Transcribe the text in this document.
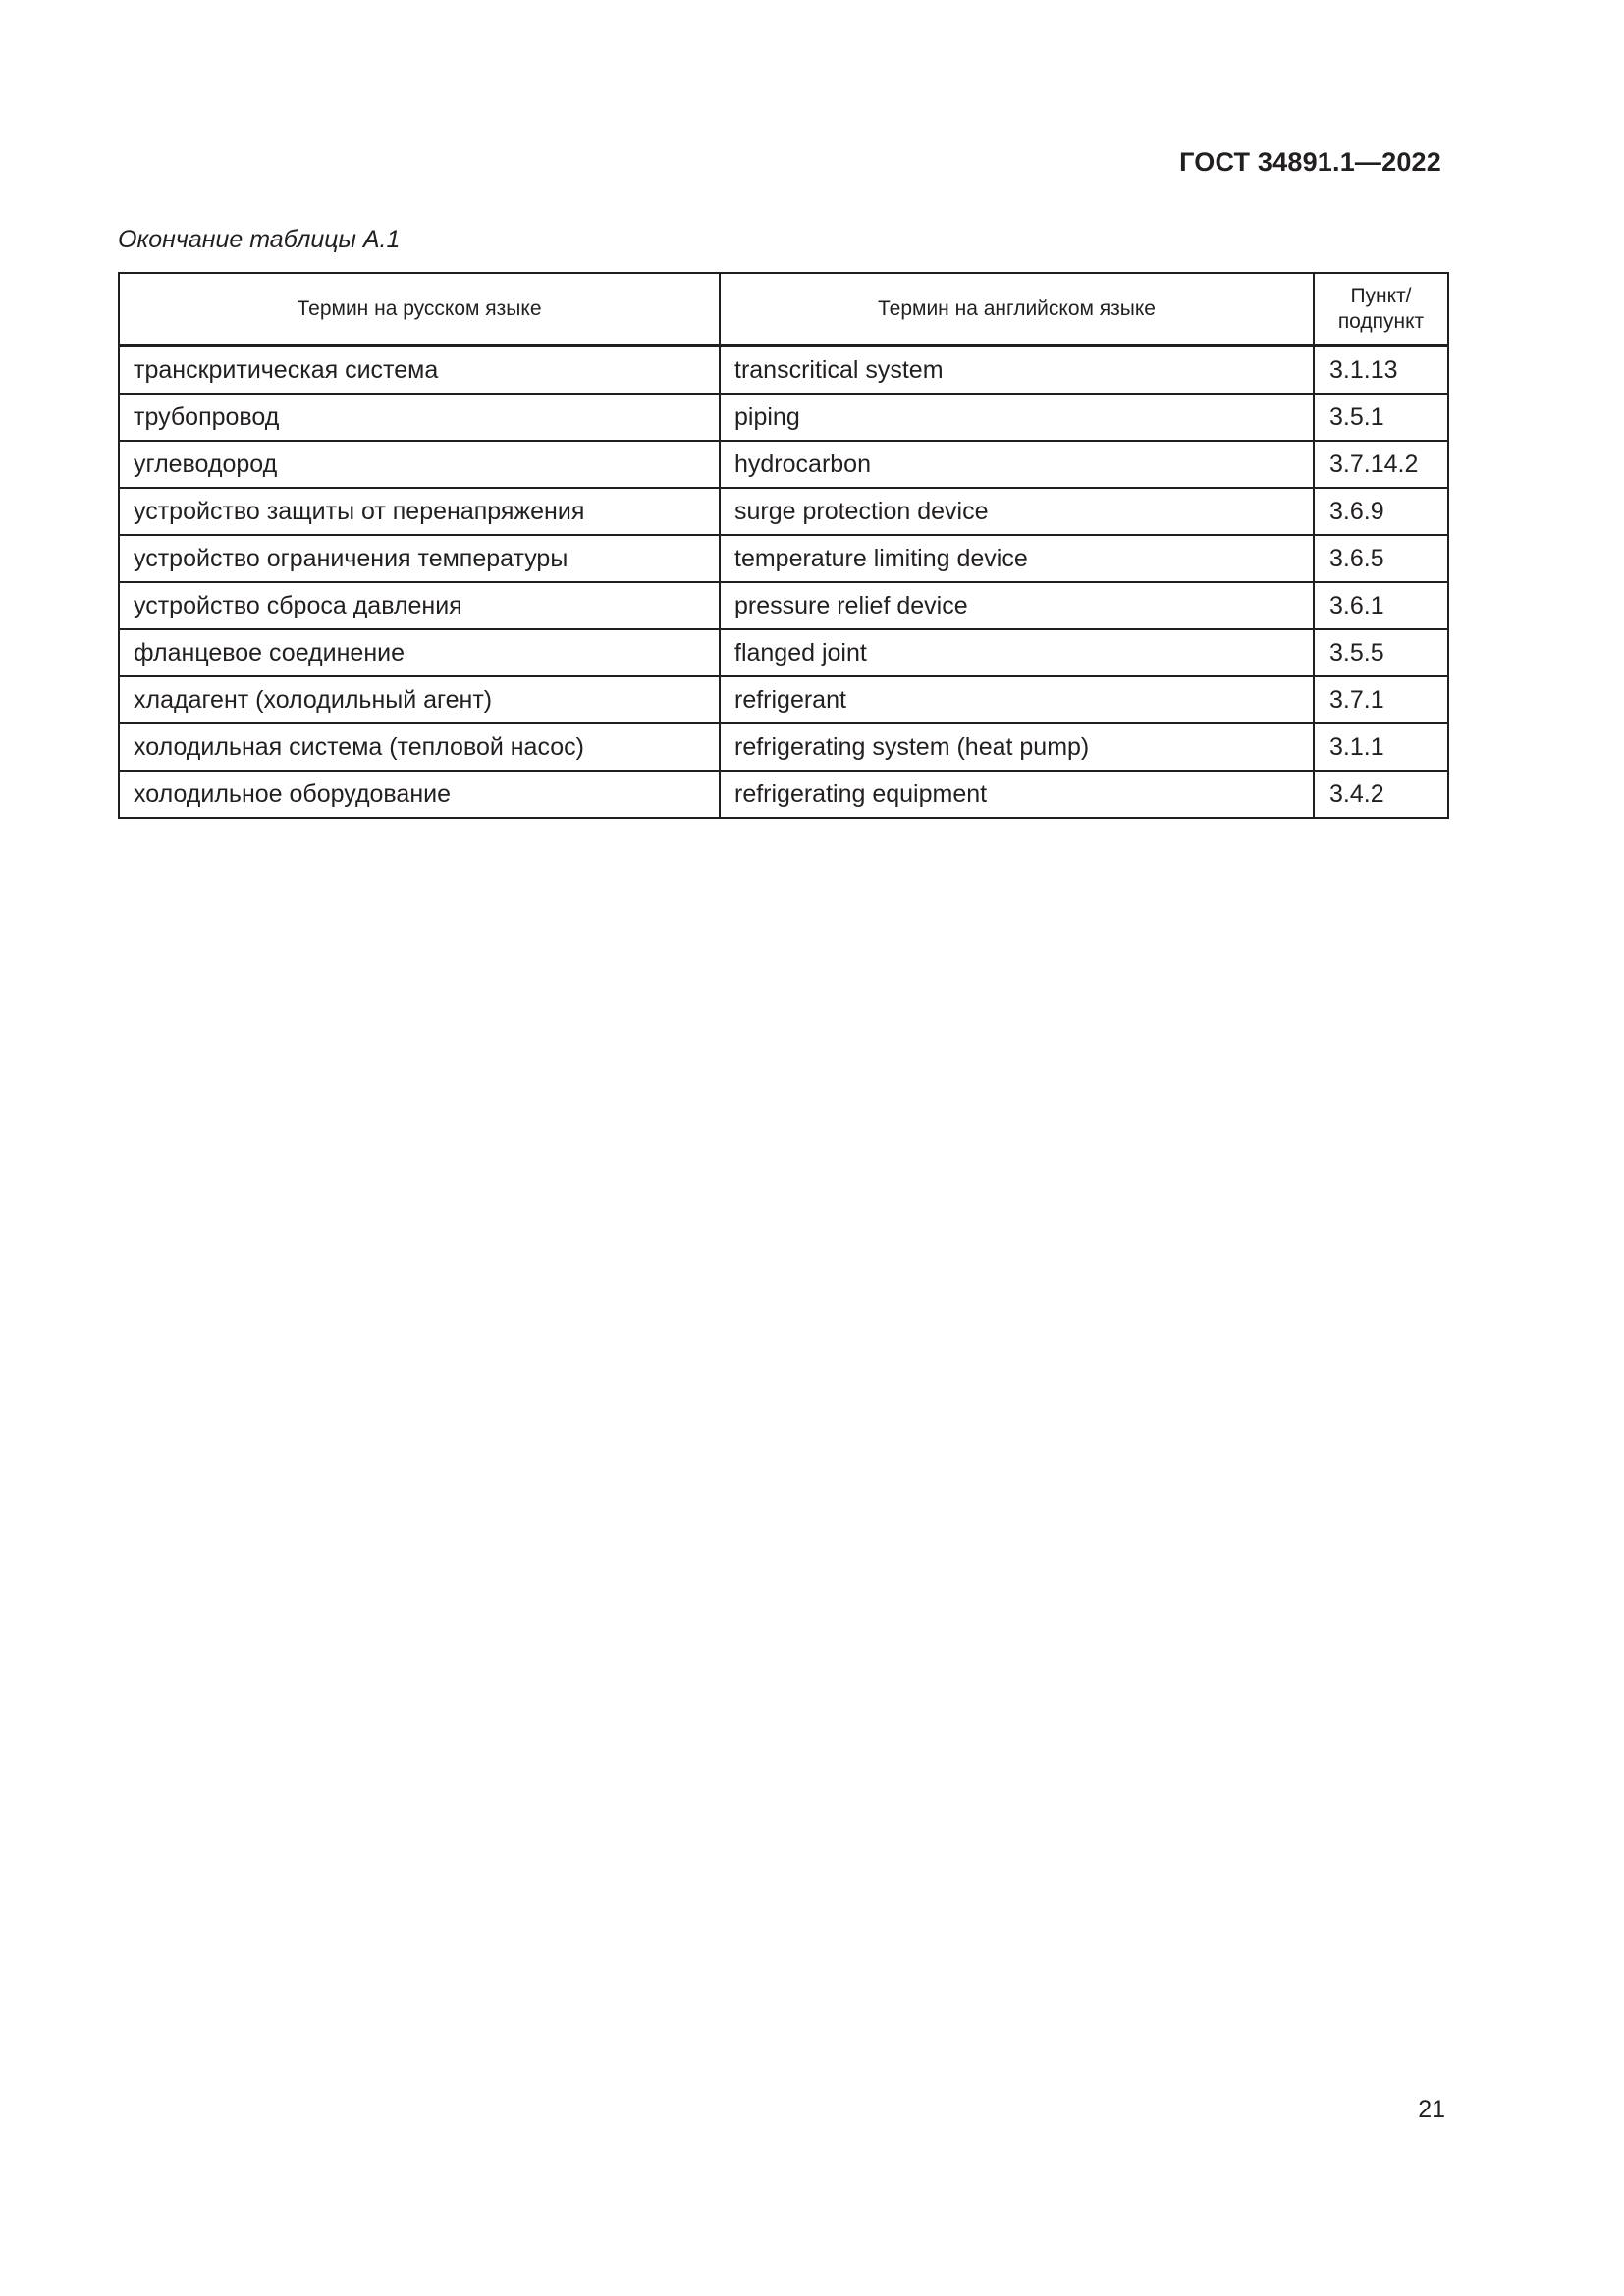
ГОСТ 34891.1—2022
Окончание таблицы А.1
Термин на русском языке	Термин на английском языке	Пункт/
подпункт
транскритическая система	transcritical system	3.1.13
трубопровод	piping	3.5.1
углеводород	hydrocarbon	3.7.14.2
устройство защиты от перенапряжения	surge protection device	3.6.9
устройство ограничения температуры	temperature limiting device	3.6.5
устройство сброса давления	pressure relief device	3.6.1
фланцевое соединение	flanged joint	3.5.5
хладагент (холодильный агент)	refrigerant	3.7.1
холодильная система (тепловой насос)	refrigerating system (heat pump)	3.1.1
холодильное оборудование	refrigerating equipment	3.4.2
21
